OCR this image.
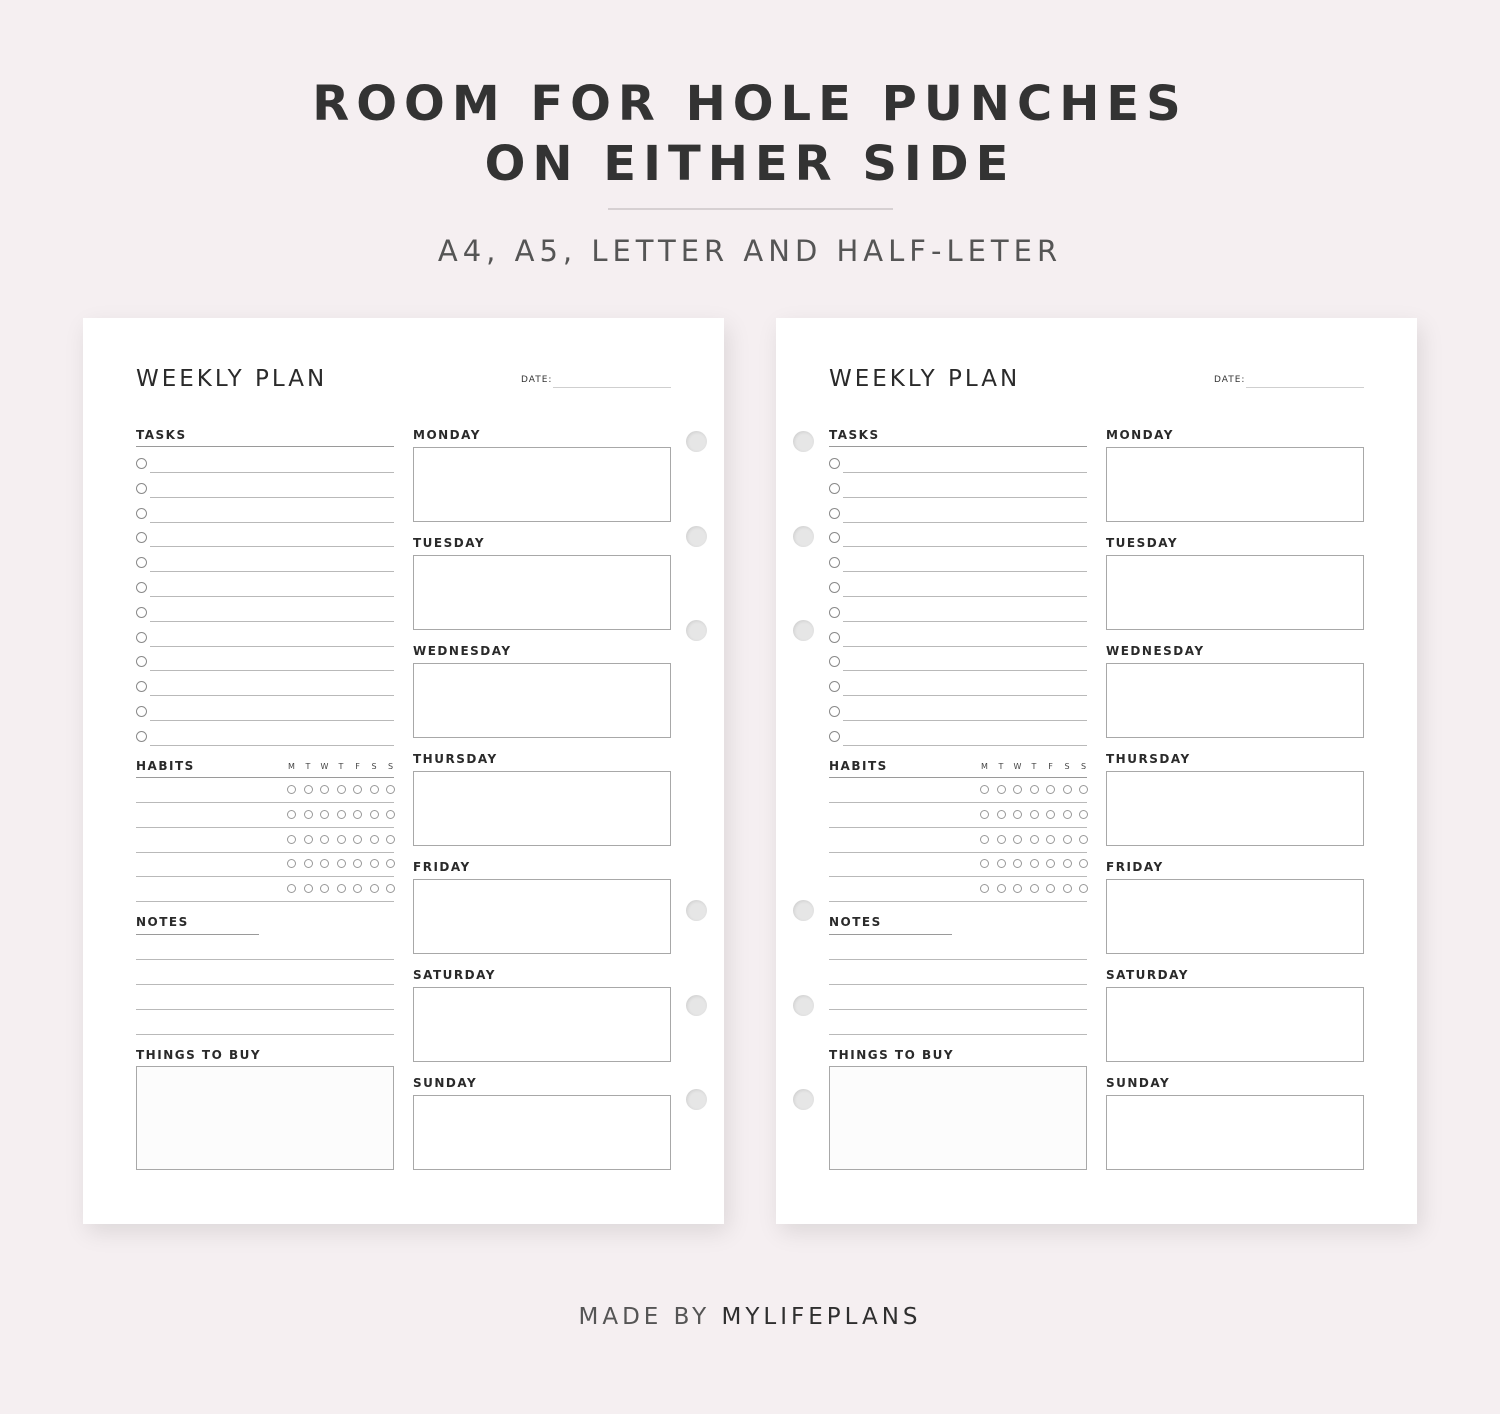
ROOM FOR HOLE PUNCHES
ON EITHER SIDE
A4, A5, LETTER AND HALF-LETER
WEEKLY PLAN	DATE:
TASKS
HABITS	M T W T F S S
NOTES
THINGS TO BUY
MONDAY
TUESDAY
WEDNESDAY
THURSDAY
FRIDAY
SATURDAY
SUNDAY
WEEKLY PLAN	DATE:
TASKS
HABITS	M T W T F S S
NOTES
THINGS TO BUY
MONDAY
TUESDAY
WEDNESDAY
THURSDAY
FRIDAY
SATURDAY
SUNDAY
MADE BY MYLIFEPLANS
